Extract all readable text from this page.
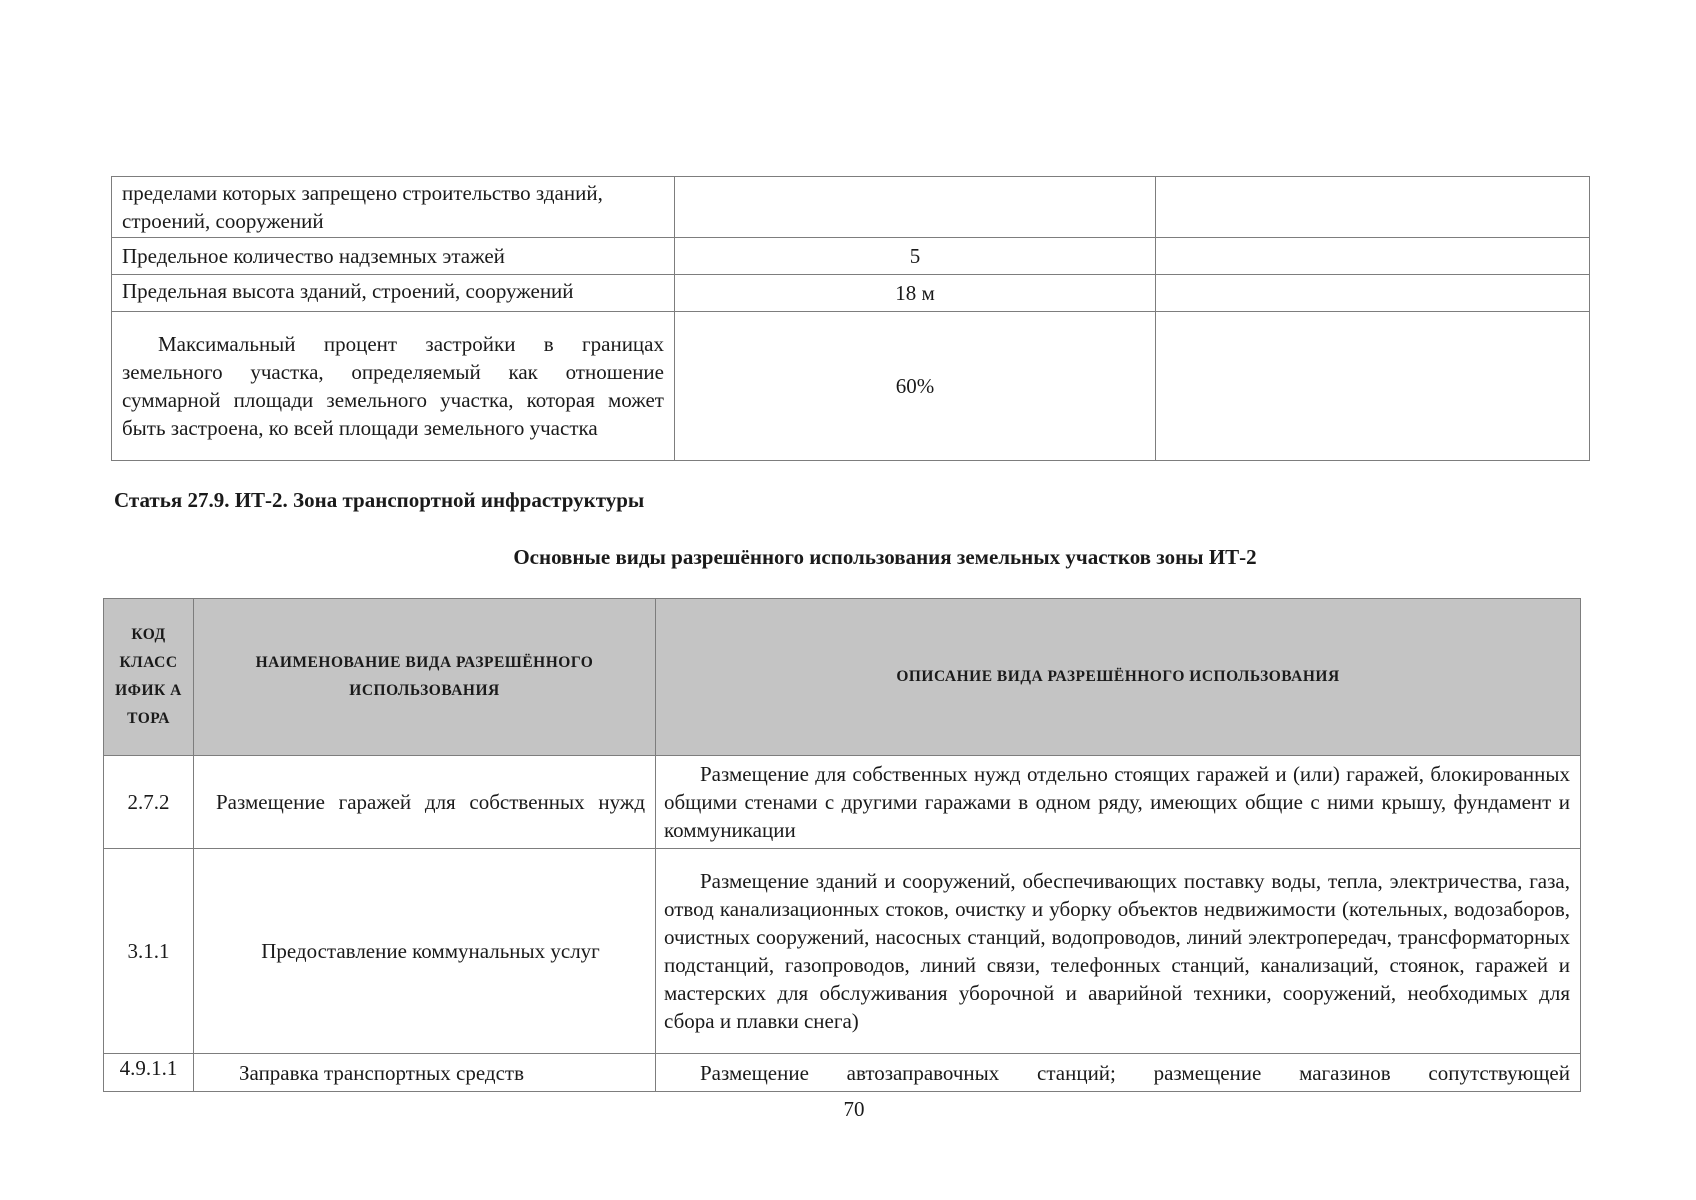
пределами которых запрещено строительство зданий, строений, сооружений		
Предельное количество надземных этажей	5	
Предельная высота зданий, строений, сооружений	18 м	
Максимальный процент застройки в границах земельного участка, определяемый как отношение суммарной площади земельного участка, которая может быть застроена, ко всей площади земельного участка	60%	

Статья 27.9. ИТ-2. Зона транспортной инфраструктуры

Основные виды разрешённого использования земельных участков зоны ИТ-2

КОД КЛАСС ИФИК А ТОРА	НАИМЕНОВАНИЕ ВИДА РАЗРЕШЁННОГО ИСПОЛЬЗОВАНИЯ	ОПИСАНИЕ ВИДА РАЗРЕШЁННОГО ИСПОЛЬЗОВАНИЯ
2.7.2	Размещение гаражей для собственных нужд	Размещение для собственных нужд отдельно стоящих гаражей и (или) гаражей, блокированных общими стенами с другими гаражами в одном ряду, имеющих общие с ними крышу, фундамент и коммуникации
3.1.1	Предоставление коммунальных услуг	Размещение зданий и сооружений, обеспечивающих поставку воды, тепла, электричества, газа, отвод канализационных стоков, очистку и уборку объектов недвижимости (котельных, водозаборов, очистных сооружений, насосных станций, водопроводов, линий электропередач, трансформаторных подстанций, газопроводов, линий связи, телефонных станций, канализаций, стоянок, гаражей и мастерских для обслуживания уборочной и аварийной техники, сооружений, необходимых для сбора и плавки снега)
4.9.1.1	Заправка транспортных средств	Размещение автозаправочных станций; размещение магазинов сопутствующей

70
